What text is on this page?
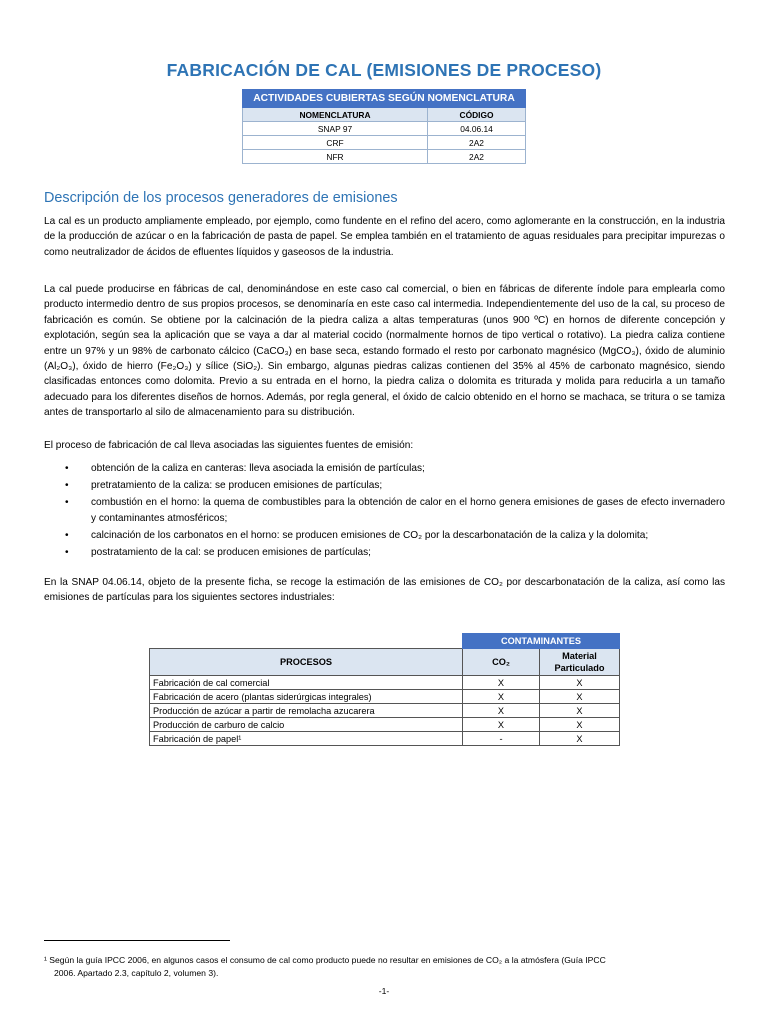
FABRICACIÓN DE CAL (EMISIONES DE PROCESO)
ACTIVIDADES CUBIERTAS SEGÚN NOMENCLATURA	
NOMENCLATURA	CÓDIGO
SNAP 97	04.06.14
CRF	2A2
NFR	2A2
Descripción de los procesos generadores de emisiones

La cal es un producto ampliamente empleado, por ejemplo, como fundente en el refino del acero, como aglomerante en la construcción, en la industria de la producción de azúcar o en la fabricación de pasta de papel. Se emplea también en el tratamiento de aguas residuales para precipitar impurezas o como neutralizador de ácidos de efluentes líquidos y gaseosos de la industria.

La cal puede producirse en fábricas de cal, denominándose en este caso cal comercial, o bien en fábricas de diferente índole para emplearla como producto intermedio dentro de sus propios procesos, se denominaría en este caso cal intermedia. Independientemente del uso de la cal, su proceso de fabricación es común. Se obtiene por la calcinación de la piedra caliza a altas temperaturas (unos 900 ºC) en hornos de diferente concepción y explotación, según sea la aplicación que se vaya a dar al material cocido (normalmente hornos de tipo vertical o rotativo). La piedra caliza contiene entre un 97% y un 98% de carbonato cálcico (CaCO₃) en base seca, estando formado el resto por carbonato magnésico (MgCO₃), óxido de aluminio (Al₂O₃), óxido de hierro (Fe₂O₃) y sílice (SiO₂). Sin embargo, algunas piedras calizas contienen del 35% al 45% de carbonato magnésico, siendo clasificadas entonces como dolomita. Previo a su entrada en el horno, la piedra caliza o dolomita es triturada y molida para reducirla a un tamaño adecuado para los diferentes diseños de hornos. Además, por regla general, el óxido de calcio obtenido en el horno se machaca, se tritura o se tamiza antes de transportarlo al silo de almacenamiento para su distribución.

El proceso de fabricación de cal lleva asociadas las siguientes fuentes de emisión:

• obtención de la caliza en canteras: lleva asociada la emisión de partículas;
• pretratamiento de la caliza: se producen emisiones de partículas;
• combustión en el horno: la quema de combustibles para la obtención de calor en el horno genera emisiones de gases de efecto invernadero y contaminantes atmosféricos;
• calcinación de los carbonatos en el horno: se producen emisiones de CO₂ por la descarbonatación de la caliza y la dolomita;
• postratamiento de la cal: se producen emisiones de partículas;

En la SNAP 04.06.14, objeto de la presente ficha, se recoge la estimación de las emisiones de CO₂ por descarbonatación de la caliza, así como las emisiones de partículas para los siguientes sectores industriales:

	CONTAMINANTES	
PROCESOS	CO₂	Material Particulado
Fabricación de cal comercial	X	X
Fabricación de acero (plantas siderúrgicas integrales)	X	X
Producción de azúcar a partir de remolacha azucarera	X	X
Producción de carburo de calcio	X	X
Fabricación de papel¹	-	X
¹ Según la guía IPCC 2006, en algunos casos el consumo de cal como producto puede no resultar en emisiones de CO₂ a la atmósfera (Guía IPCC
2006. Apartado 2.3, capítulo 2, volumen 3).
-1-
